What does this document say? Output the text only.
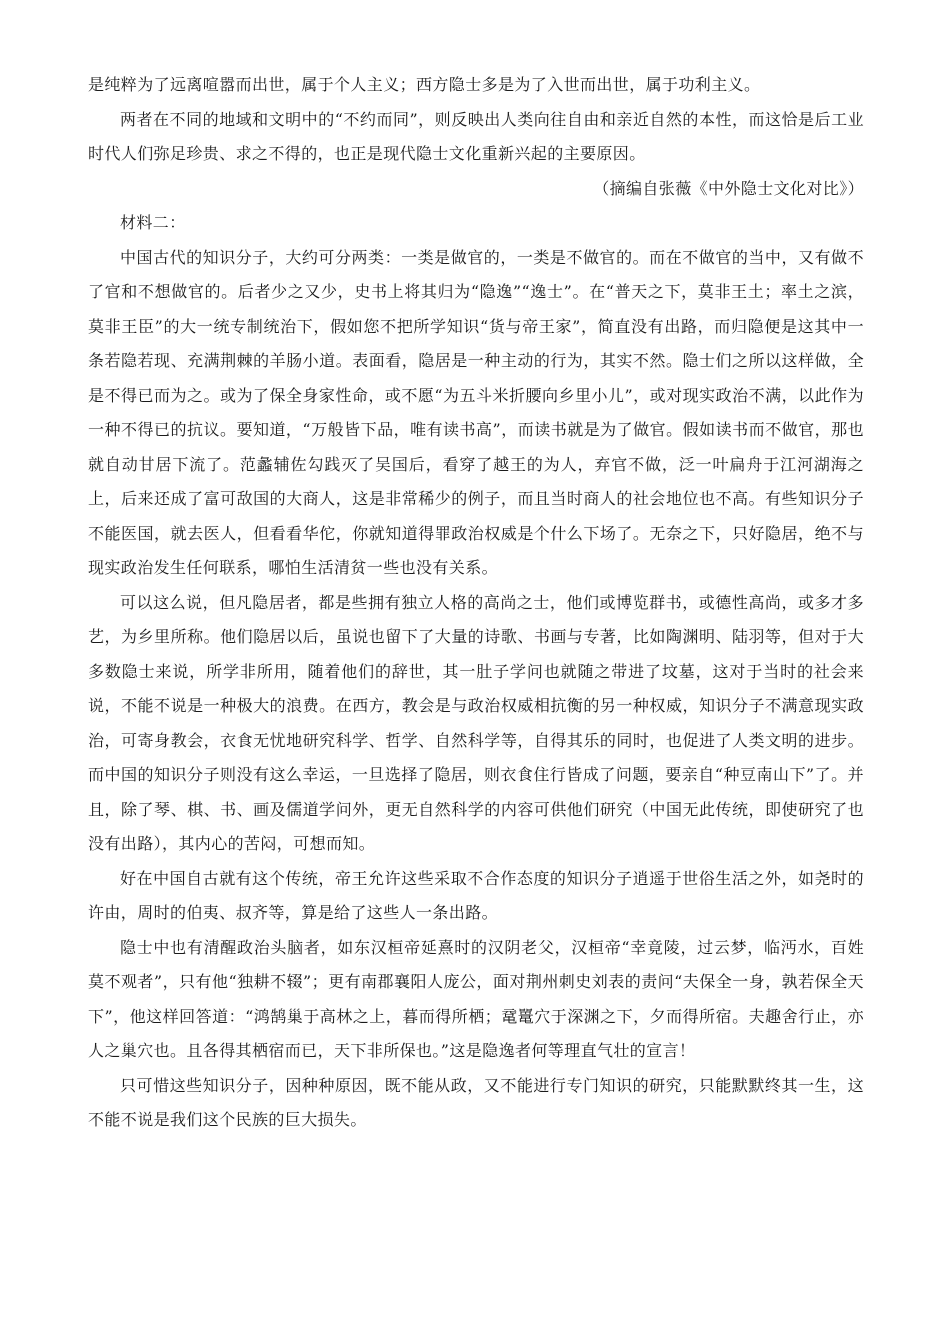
是纯粹为了远离喧嚣而出世，属于个人主义；西方隐士多是为了入世而出世，属于功利主义。

两者在不同的地域和文明中的“不约而同”，则反映出人类向往自由和亲近自然的本性，而这恰是后工业时代人们弥足珍贵、求之不得的，也正是现代隐士文化重新兴起的主要原因。

（摘编自张薇《中外隐士文化对比》）

材料二：

中国古代的知识分子，大约可分两类：一类是做官的，一类是不做官的。而在不做官的当中，又有做不了官和不想做官的。后者少之又少，史书上将其归为“隐逸”“逸士”。在“普天之下，莫非王土；率土之滨，莫非王臣”的大一统专制统治下，假如您不把所学知识“货与帝王家”，简直没有出路，而归隐便是这其中一条若隐若现、充满荆棘的羊肠小道。表面看，隐居是一种主动的行为，其实不然。隐士们之所以这样做，全是不得已而为之。或为了保全身家性命，或不愿“为五斗米折腰向乡里小儿”，或对现实政治不满，以此作为一种不得已的抗议。要知道，“万般皆下品，唯有读书高”，而读书就是为了做官。假如读书而不做官，那也就自动甘居下流了。范蠡辅佐勾践灭了吴国后，看穿了越王的为人，弃官不做，泛一叶扁舟于江河湖海之上，后来还成了富可敌国的大商人，这是非常稀少的例子，而且当时商人的社会地位也不高。有些知识分子不能医国，就去医人，但看看华佗，你就知道得罪政治权威是个什么下场了。无奈之下，只好隐居，绝不与现实政治发生任何联系，哪怕生活清贫一些也没有关系。

可以这么说，但凡隐居者，都是些拥有独立人格的高尚之士，他们或博览群书，或德性高尚，或多才多艺，为乡里所称。他们隐居以后，虽说也留下了大量的诗歌、书画与专著，比如陶渊明、陆羽等，但对于大多数隐士来说，所学非所用，随着他们的辞世，其一肚子学问也就随之带进了坟墓，这对于当时的社会来说，不能不说是一种极大的浪费。在西方，教会是与政治权威相抗衡的另一种权威，知识分子不满意现实政治，可寄身教会，衣食无忧地研究科学、哲学、自然科学等，自得其乐的同时，也促进了人类文明的进步。而中国的知识分子则没有这么幸运，一旦选择了隐居，则衣食住行皆成了问题，要亲自“种豆南山下”了。并且，除了琴、棋、书、画及儒道学问外，更无自然科学的内容可供他们研究（中国无此传统，即使研究了也没有出路），其内心的苦闷，可想而知。

好在中国自古就有这个传统，帝王允许这些采取不合作态度的知识分子逍遥于世俗生活之外，如尧时的许由，周时的伯夷、叔齐等，算是给了这些人一条出路。

隐士中也有清醒政治头脑者，如东汉桓帝延熹时的汉阴老父，汉桓帝“幸竟陵，过云梦，临沔水，百姓莫不观者”，只有他“独耕不辍”；更有南郡襄阳人庞公，面对荆州刺史刘表的责问“夫保全一身，孰若保全天下”，他这样回答道：“鸿鹄巢于高林之上，暮而得所栖；鼋鼍穴于深渊之下，夕而得所宿。夫趣舍行止，亦人之巢穴也。且各得其栖宿而已，天下非所保也。”这是隐逸者何等理直气壮的宣言！

只可惜这些知识分子，因种种原因，既不能从政，又不能进行专门知识的研究，只能默默终其一生，这不能不说是我们这个民族的巨大损失。
